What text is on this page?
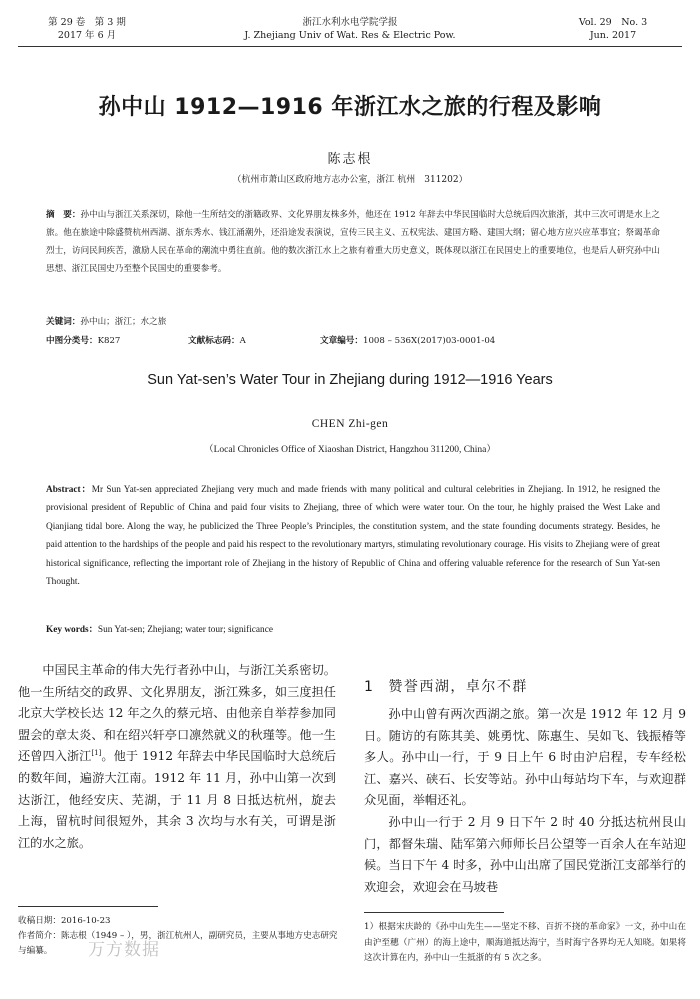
第 29 卷　第 3 期
2017 年 6 月
浙江水利水电学院学报
J. Zhejiang Univ of Wat. Res & Electric Pow.
Vol. 29　No. 3
Jun. 2017
孙中山 1912—1916 年浙江水之旅的行程及影响
陈志根
（杭州市萧山区政府地方志办公室，浙江 杭州　311202）
摘　要：孙中山与浙江关系深切，除他一生所结交的浙籍政界、文化界朋友株多外，他还在 1912 年辞去中华民国临时大总统后四次旅浙，其中三次可谓是水上之旅。他在旅途中除盛赞杭州西湖、浙东秀水、钱江涌潮外，还沿途发表演说，宣传三民主义、五权宪法、建国方略、建国大纲；留心地方应兴应革事宜；祭谒革命烈士，访问民间疾苦，激励人民在革命的潮流中勇往直前。他的数次浙江水上之旅有着重大历史意义，既体现以浙江在民国史上的重要地位，也是后人研究孙中山思想、浙江民国史乃至整个民国史的重要参考。
关键词：孙中山；浙江；水之旅
中图分类号：K827	文献标志码：A	文章编号：1008 – 536X(2017)03-0001-04
Sun Yat-sen’s Water Tour in Zhejiang during 1912—1916 Years
CHEN Zhi-gen
（Local Chronicles Office of Xiaoshan District, Hangzhou 311200, China）
Abstract：Mr Sun Yat-sen appreciated Zhejiang very much and made friends with many political and cultural celebrities in Zhejiang. In 1912, he resigned the provisional president of Republic of China and paid four visits to Zhejiang, three of which were water tour. On the tour, he highly praised the West Lake and Qianjiang tidal bore. Along the way, he publicized the Three People’s Principles, the constitution system, and the state founding documents strategy. Besides, he paid attention to the hardships of the people and paid his respect to the revolutionary martyrs, stimulating revolutionary courage. His visits to Zhejiang were of great historical significance, reflecting the important role of Zhejiang in the history of Republic of China and offering valuable reference for the research of Sun Yat-sen Thought.
Key words：Sun Yat-sen; Zhejiang; water tour; significance

中国民主革命的伟大先行者孙中山，与浙江关系密切。他一生所结交的政界、文化界朋友，浙江殊多，如三度担任北京大学校长达 12 年之久的蔡元培、由他亲自举荐参加同盟会的章太炎、和在绍兴轩亭口凛然就义的秋瑾等。他一生还曾四入浙江[1]。他于 1912 年辞去中华民国临时大总统后的数年间，遍游大江南。1912 年 11 月，孙中山第一次到达浙江，他经安庆、芜湖，于 11 月 8 日抵达杭州，旋去上海，留杭时间很短外，其余 3 次均与水有关，可谓是浙江的水之旅。

1 赞誉西湖，卓尔不群

孙中山曾有两次西湖之旅。第一次是 1912 年 12 月 9 日。随访的有陈其美、姚勇忱、陈惠生、吴如飞、钱振椿等多人。孙中山一行，于 9 日上午 6 时由沪启程，专车经松江、嘉兴、硖石、长安等站。孙中山每站均下车，与欢迎群众见面，举帽还礼。

孙中山一行于 2 月 9 日下午 2 时 40 分抵达杭州艮山门，都督朱瑞、陆军第六师师长吕公望等一百余人在车站迎候。当日下午 4 时多，孙中山出席了国民党浙江支部举行的欢迎会，欢迎会在马坡巷

收稿日期：2016-10-23
作者简介：陈志根（1949 – ），男，浙江杭州人，副研究员，主要从事地方史志研究与编纂。
1）根据宋庆龄的《孙中山先生——坚定不移、百折不挠的革命家》一文，孙中山在由沪至穗（广州）的海上途中，顺海道抵达海宁，当时海宁各界均无人知晓。如果将这次计算在内，孙中山一生抵浙的有 5 次之多。
万方数据
